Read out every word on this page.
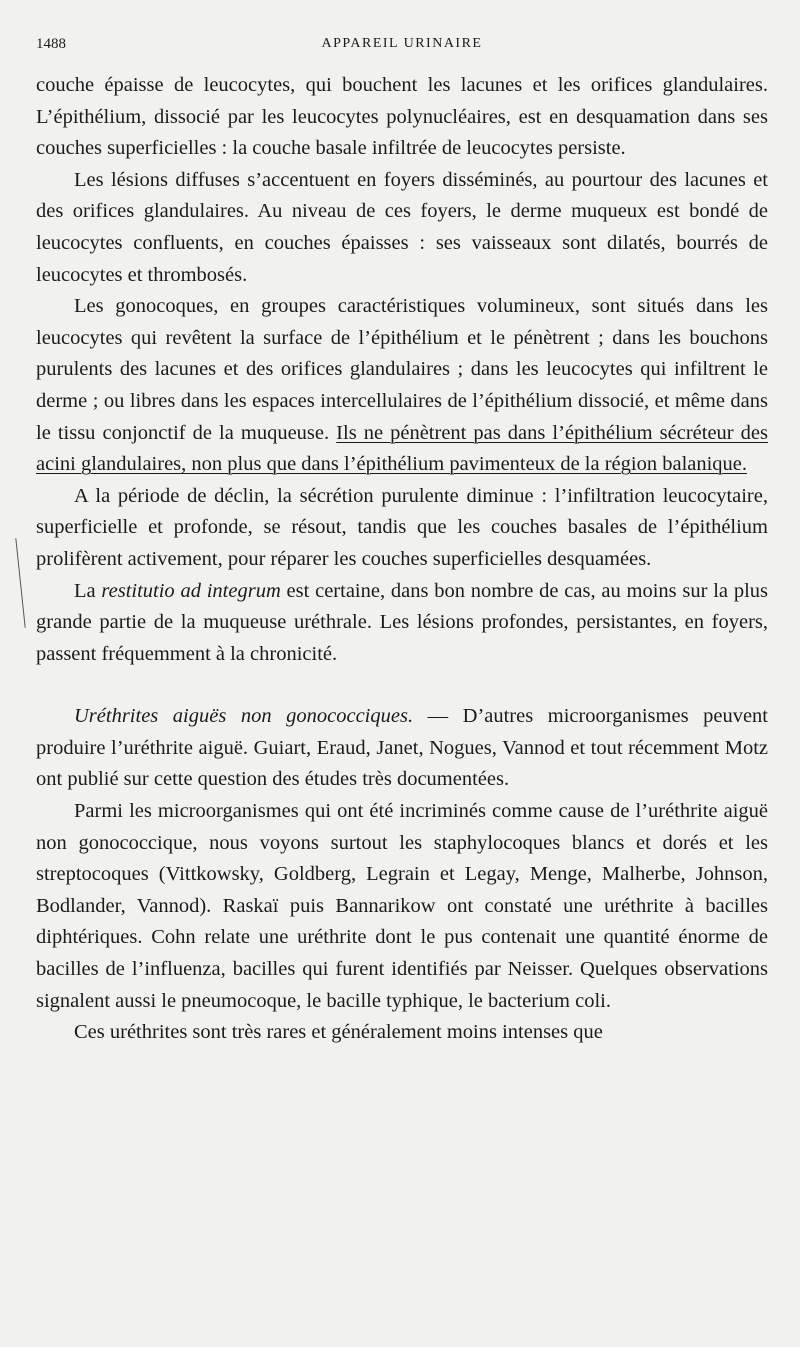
1488	APPAREIL URINAIRE

couche épaisse de leucocytes, qui bouchent les lacunes et les orifices glandulaires. L’épithélium, dissocié par les leucocytes polynucléaires, est en desquamation dans ses couches superficielles : la couche basale infiltrée de leucocytes persiste.

Les lésions diffuses s’accentuent en foyers disséminés, au pourtour des lacunes et des orifices glandulaires. Au niveau de ces foyers, le derme muqueux est bondé de leucocytes confluents, en couches épaisses : ses vaisseaux sont dilatés, bourrés de leucocytes et thrombosés.

Les gonocoques, en groupes caractéristiques volumineux, sont situés dans les leucocytes qui revêtent la surface de l’épithélium et le pénètrent ; dans les bouchons purulents des lacunes et des orifices glandulaires ; dans les leucocytes qui infiltrent le derme ; ou libres dans les espaces intercellulaires de l’épithélium dissocié, et même dans le tissu conjonctif de la muqueuse. Ils ne pénètrent pas dans l’épithélium sécréteur des acini glandulaires, non plus que dans l’épithélium pavimenteux de la région balanique.

A la période de déclin, la sécrétion purulente diminue : l’infiltration leucocytaire, superficielle et profonde, se résout, tandis que les couches basales de l’épithélium prolifèrent activement, pour réparer les couches superficielles desquamées.

La restitutio ad integrum est certaine, dans bon nombre de cas, au moins sur la plus grande partie de la muqueuse uréthrale. Les lésions profondes, persistantes, en foyers, passent fréquemment à la chronicité.

Uréthrites aiguës non gonococciques. — D’autres microorganismes peuvent produire l’uréthrite aiguë. Guiart, Eraud, Janet, Nogues, Vannod et tout récemment Motz ont publié sur cette question des études très documentées.

Parmi les microorganismes qui ont été incriminés comme cause de l’uréthrite aiguë non gonococcique, nous voyons surtout les staphylocoques blancs et dorés et les streptocoques (Vittkowsky, Goldberg, Legrain et Legay, Menge, Malherbe, Johnson, Bodlander, Vannod). Raskaï puis Bannarikow ont constaté une uréthrite à bacilles diphtériques. Cohn relate une uréthrite dont le pus contenait une quantité énorme de bacilles de l’influenza, bacilles qui furent identifiés par Neisser. Quelques observations signalent aussi le pneumocoque, le bacille typhique, le bacterium coli.

Ces uréthrites sont très rares et généralement moins intenses que
